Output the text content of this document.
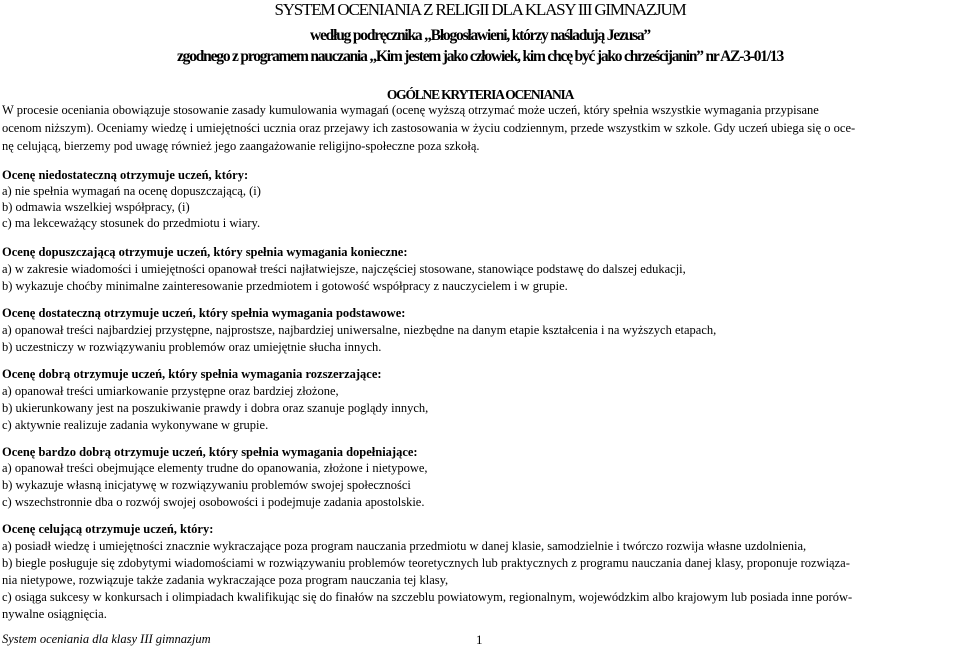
SYSTEM OCENIANIA Z RELIGII DLA KLASY III GIMNAZJUM
według podręcznika „Błogosławieni, którzy naśladują Jezusa”
zgodnego z programem nauczania „Kim jestem jako człowiek, kim chcę być jako chrześcijanin” nr AZ-3-01/13
OGÓLNE KRYTERIA OCENIANIA
W procesie oceniania obowiązuje stosowanie zasady kumulowania wymagań (ocenę wyższą otrzymać może uczeń, który spełnia wszystkie wymagania przypisane
ocenom niższym). Oceniamy wiedzę i umiejętności ucznia oraz przejawy ich zastosowania w życiu codziennym, przede wszystkim w szkole. Gdy uczeń ubiega się o oce-
nę celującą, bierzemy pod uwagę również jego zaangażowanie religijno-społeczne poza szkołą.
Ocenę niedostateczną otrzymuje uczeń, który:
a) nie spełnia wymagań na ocenę dopuszczającą, (i)
b) odmawia wszelkiej współpracy, (i)
c) ma lekceważący stosunek do przedmiotu i wiary.
Ocenę dopuszczającą otrzymuje uczeń, który spełnia wymagania konieczne:
a) w zakresie wiadomości i umiejętności opanował treści najłatwiejsze, najczęściej stosowane, stanowiące podstawę do dalszej edukacji,
b) wykazuje choćby minimalne zainteresowanie przedmiotem i gotowość współpracy z nauczycielem i w grupie.
Ocenę dostateczną otrzymuje uczeń, który spełnia wymagania podstawowe:
a) opanował treści najbardziej przystępne, najprostsze, najbardziej uniwersalne, niezbędne na danym etapie kształcenia i na wyższych etapach,
b) uczestniczy w rozwiązywaniu problemów oraz umiejętnie słucha innych.
Ocenę dobrą otrzymuje uczeń, który spełnia wymagania rozszerzające:
a) opanował treści umiarkowanie przystępne oraz bardziej złożone,
b) ukierunkowany jest na poszukiwanie prawdy i dobra oraz szanuje poglądy innych,
c) aktywnie realizuje zadania wykonywane w grupie.
Ocenę bardzo dobrą otrzymuje uczeń, który spełnia wymagania dopełniające:
a) opanował treści obejmujące elementy trudne do opanowania, złożone i nietypowe,
b) wykazuje własną inicjatywę w rozwiązywaniu problemów swojej społeczności
c) wszechstronnie dba o rozwój swojej osobowości i podejmuje zadania apostolskie.
Ocenę celującą otrzymuje uczeń, który:
a) posiadł wiedzę i umiejętności znacznie wykraczające poza program nauczania przedmiotu w danej klasie, samodzielnie i twórczo rozwija własne uzdolnienia,
b) biegle posługuje się zdobytymi wiadomościami w rozwiązywaniu problemów teoretycznych lub praktycznych z programu nauczania danej klasy, proponuje rozwiąza-
nia nietypowe, rozwiązuje także zadania wykraczające poza program nauczania tej klasy,
c) osiąga sukcesy w konkursach i olimpiadach kwalifikując się do finałów na szczeblu powiatowym, regionalnym, wojewódzkim albo krajowym lub posiada inne porów-
nywalne osiągnięcia.
System oceniania dla klasy III gimnazjum	1
